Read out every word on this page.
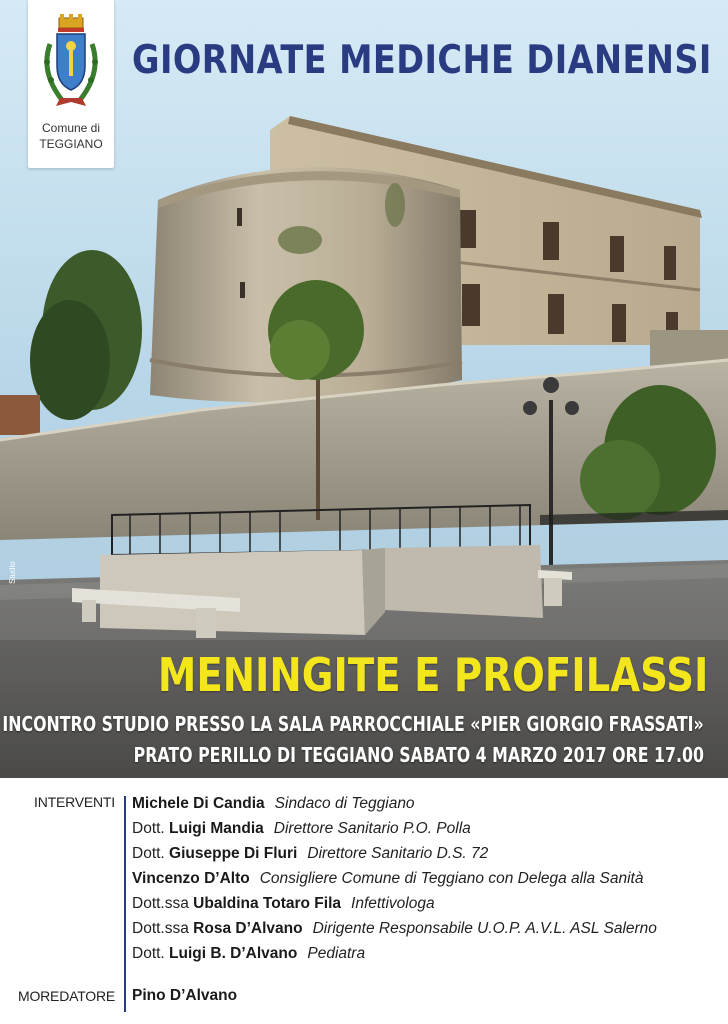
Comune di
TEGGIANO
GIORNATE MEDICHE DIANENSI
Studio
MENINGITE E PROFILASSI
INCONTRO STUDIO PRESSO LA SALA PARROCCHIALE «PIER GIORGIO FRASSATI»
PRATO PERILLO DI TEGGIANO SABATO 4 MARZO 2017 ORE 17.00
INTERVENTI Michele Di Candia Sindaco di Teggiano
Dott. Luigi Mandia Direttore Sanitario P.O. Polla
Dott. Giuseppe Di Fluri Direttore Sanitario D.S. 72
Vincenzo D’Alto Consigliere Comune di Teggiano con Delega alla Sanità
Dott.ssa Ubaldina Totaro Fila Infettivologa
Dott.ssa Rosa D’Alvano Dirigente Responsabile U.O.P. A.V.L. ASL Salerno
Dott. Luigi B. D’Alvano Pediatra
MOREDATORE Pino D’Alvano
